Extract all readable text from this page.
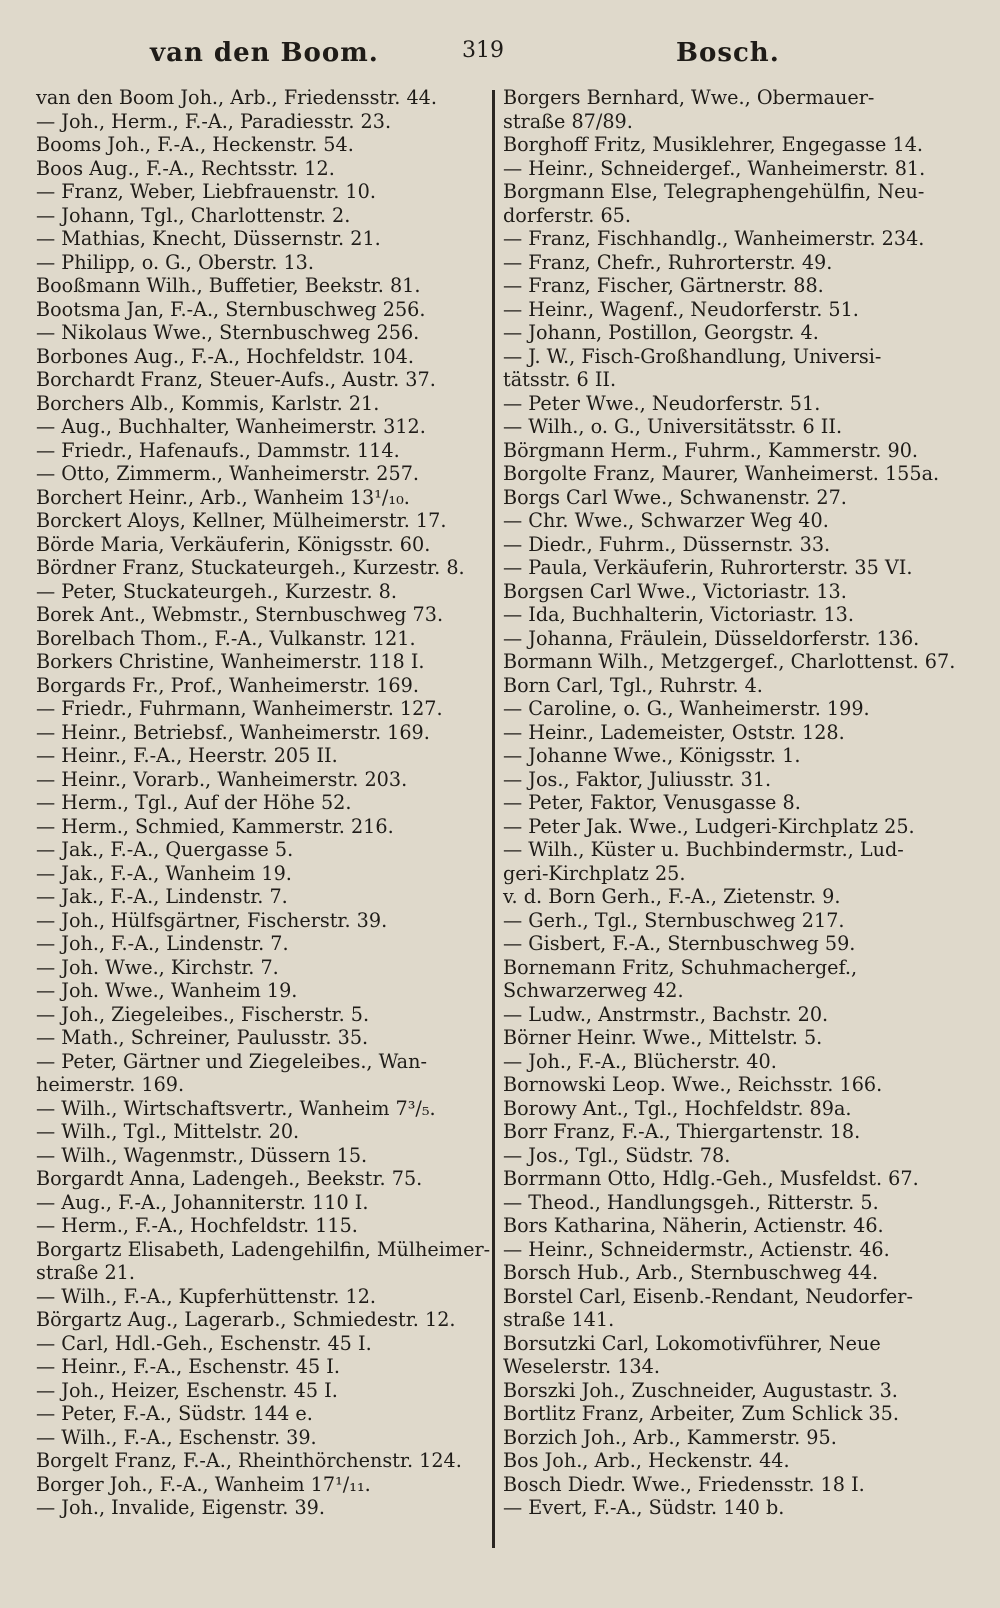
van den Boom.	319	Bosch.
van den Boom Joh., Arb., Friedensstr. 44.
— Joh., Herm., F.-A., Paradiesstr. 23.
Booms Joh., F.-A., Heckenstr. 54.
Boos Aug., F.-A., Rechtsstr. 12.
— Franz, Weber, Liebfrauenstr. 10.
— Johann, Tgl., Charlottenstr. 2.
— Mathias, Knecht, Düssernstr. 21.
— Philipp, o. G., Oberstr. 13.
Booßmann Wilh., Buffetier, Beekstr. 81.
Bootsma Jan, F.-A., Sternbuschweg 256.
— Nikolaus Wwe., Sternbuschweg 256.
Borbones Aug., F.-A., Hochfeldstr. 104.
Borchardt Franz, Steuer-Aufs., Austr. 37.
Borchers Alb., Kommis, Karlstr. 21.
— Aug., Buchhalter, Wanheimerstr. 312.
— Friedr., Hafenaufs., Dammstr. 114.
— Otto, Zimmerm., Wanheimerstr. 257.
Borchert Heinr., Arb., Wanheim 13¹/₁₀.
Borckert Aloys, Kellner, Mülheimerstr. 17.
Börde Maria, Verkäuferin, Königsstr. 60.
Bördner Franz, Stuckateurgeh., Kurzestr. 8.
— Peter, Stuckateurgeh., Kurzestr. 8.
Borek Ant., Webmstr., Sternbuschweg 73.
Borelbach Thom., F.-A., Vulkanstr. 121.
Borkers Christine, Wanheimerstr. 118 I.
Borgards Fr., Prof., Wanheimerstr. 169.
— Friedr., Fuhrmann, Wanheimerstr. 127.
— Heinr., Betriebsf., Wanheimerstr. 169.
— Heinr., F.-A., Heerstr. 205 II.
— Heinr., Vorarb., Wanheimerstr. 203.
— Herm., Tgl., Auf der Höhe 52.
— Herm., Schmied, Kammerstr. 216.
— Jak., F.-A., Quergasse 5.
— Jak., F.-A., Wanheim 19.
— Jak., F.-A., Lindenstr. 7.
— Joh., Hülfsgärtner, Fischerstr. 39.
— Joh., F.-A., Lindenstr. 7.
— Joh. Wwe., Kirchstr. 7.
— Joh. Wwe., Wanheim 19.
— Joh., Ziegeleibes., Fischerstr. 5.
— Math., Schreiner, Paulusstr. 35.
— Peter, Gärtner und Ziegeleibes., Wan-
heimerstr. 169.
— Wilh., Wirtschaftsvertr., Wanheim 7³/₅.
— Wilh., Tgl., Mittelstr. 20.
— Wilh., Wagenmstr., Düssern 15.
Borgardt Anna, Ladengeh., Beekstr. 75.
— Aug., F.-A., Johanniterstr. 110 I.
— Herm., F.-A., Hochfeldstr. 115.
Borgartz Elisabeth, Ladengehilfin, Mülheimer-
straße 21.
— Wilh., F.-A., Kupferhüttenstr. 12.
Börgartz Aug., Lagerarb., Schmiedestr. 12.
— Carl, Hdl.-Geh., Eschenstr. 45 I.
— Heinr., F.-A., Eschenstr. 45 I.
— Joh., Heizer, Eschenstr. 45 I.
— Peter, F.-A., Südstr. 144 e.
— Wilh., F.-A., Eschenstr. 39.
Borgelt Franz, F.-A., Rheinthörchenstr. 124.
Borger Joh., F.-A., Wanheim 17¹/₁₁.
— Joh., Invalide, Eigenstr. 39.
Borgers Bernhard, Wwe., Obermauer-
straße 87/89.
Borghoff Fritz, Musiklehrer, Engegasse 14.
— Heinr., Schneidergef., Wanheimerstr. 81.
Borgmann Else, Telegraphengehülfin, Neu-
dorferstr. 65.
— Franz, Fischhandlg., Wanheimerstr. 234.
— Franz, Chefr., Ruhrorterstr. 49.
— Franz, Fischer, Gärtnerstr. 88.
— Heinr., Wagenf., Neudorferstr. 51.
— Johann, Postillon, Georgstr. 4.
— J. W., Fisch-Großhandlung, Universi-
tätsstr. 6 II.
— Peter Wwe., Neudorferstr. 51.
— Wilh., o. G., Universitätsstr. 6 II.
Börgmann Herm., Fuhrm., Kammerstr. 90.
Borgolte Franz, Maurer, Wanheimerst. 155a.
Borgs Carl Wwe., Schwanenstr. 27.
— Chr. Wwe., Schwarzer Weg 40.
— Diedr., Fuhrm., Düssernstr. 33.
— Paula, Verkäuferin, Ruhrorterstr. 35 VI.
Borgsen Carl Wwe., Victoriastr. 13.
— Ida, Buchhalterin, Victoriastr. 13.
— Johanna, Fräulein, Düsseldorferstr. 136.
Bormann Wilh., Metzgergef., Charlottenst. 67.
Born Carl, Tgl., Ruhrstr. 4.
— Caroline, o. G., Wanheimerstr. 199.
— Heinr., Lademeister, Oststr. 128.
— Johanne Wwe., Königsstr. 1.
— Jos., Faktor, Juliusstr. 31.
— Peter, Faktor, Venusgasse 8.
— Peter Jak. Wwe., Ludgeri-Kirchplatz 25.
— Wilh., Küster u. Buchbindermstr., Lud-
geri-Kirchplatz 25.
v. d. Born Gerh., F.-A., Zietenstr. 9.
— Gerh., Tgl., Sternbuschweg 217.
— Gisbert, F.-A., Sternbuschweg 59.
Bornemann Fritz, Schuhmachergef.,
Schwarzerweg 42.
— Ludw., Anstrmstr., Bachstr. 20.
Börner Heinr. Wwe., Mittelstr. 5.
— Joh., F.-A., Blücherstr. 40.
Bornowski Leop. Wwe., Reichsstr. 166.
Borowy Ant., Tgl., Hochfeldstr. 89a.
Borr Franz, F.-A., Thiergartenstr. 18.
— Jos., Tgl., Südstr. 78.
Borrmann Otto, Hdlg.-Geh., Musfeldst. 67.
— Theod., Handlungsgeh., Ritterstr. 5.
Bors Katharina, Näherin, Actienstr. 46.
— Heinr., Schneidermstr., Actienstr. 46.
Borsch Hub., Arb., Sternbuschweg 44.
Borstel Carl, Eisenb.-Rendant, Neudorfer-
straße 141.
Borsutzki Carl, Lokomotivführer, Neue
Weselerstr. 134.
Borszki Joh., Zuschneider, Augustastr. 3.
Bortlitz Franz, Arbeiter, Zum Schlick 35.
Borzich Joh., Arb., Kammerstr. 95.
Bos Joh., Arb., Heckenstr. 44.
Bosch Diedr. Wwe., Friedensstr. 18 I.
— Evert, F.-A., Südstr. 140 b.
